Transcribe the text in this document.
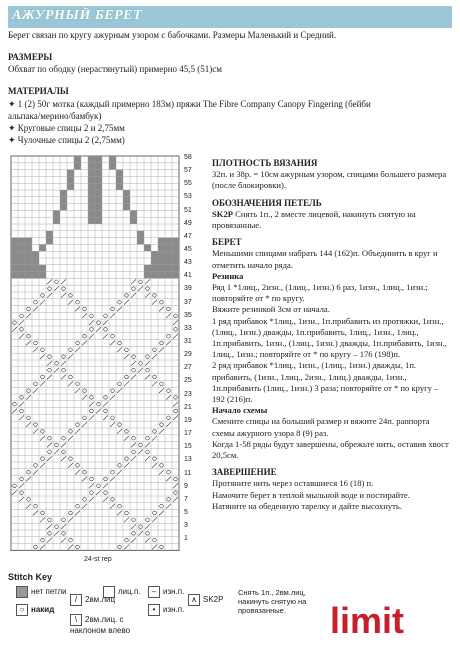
АЖУРНЫЙ БЕРЕТ
Берет связан по кругу ажурным узором с бабочками. Размеры Маленький и Средний.
РАЗМЕРЫ
Обхват по ободку (нерастянутый) примерно 45,5 (51)см
МАТЕРИАЛЫ
✦ 1 (2) 50г мотка (каждый примерно 183м) пряжи The Fibre Company Canopy Fingering (бейби
альпака/мерино/бамбук)
✦ Круговые спицы 2 и 2,75мм
✦ Чулочные спицы 2 (2,75мм)
58
57
55
53
51
49
47
45
43
41
39
37
35
33
31
29
27
25
23
21
19
17
15
13
11
9
7
5
3
1
24-st rep

ПЛОТНОСТЬ ВЯЗАНИЯ

32п. и 38р. = 10см ажурным узором, спицами большего размера (после блокировки).

ОБОЗНАЧЕНИЯ ПЕТЕЛЬ

SK2P Снять 1п., 2 вместе лицевой, накинуть снятую на провязанные.

БЕРЕТ

Меньшими спицами набрать 144 (162)п. Объединить в круг и отметить начало ряда.

Резинка

Ряд 1 *1лиц., 2изн., (1лиц., 1изн.) 6 раз, 1изн., 1лиц., 1изн.; повторяйте от * по кругу.

Вяжите резинкой 3см от начала.

1 ряд прибавок *1лиц., 1изн., 1п.прибавить из протяжки, 1изн., (1лиц., 1изн.) дважды, 1п.прибавить, 1лиц., 1изн., 1лиц., 1п.прибавить, 1изн., (1лиц., 1изн.) дважды, 1п.прибавить, 1изн., 1лиц., 1изн.; повторяйте от * по кругу – 176 (198)п.

2 ряд прибавок *1лиц., 1изн., (1лиц., 1изн.) дважды, 1п. прибавить, (1изн., 1лиц., 2изн., 1лиц.) дважды, 1изн., 1п.прибавить (1лиц., 1изн.) 3 раза; повторяйте от * по кругу – 192 (216)п.

Начало схемы

Смените спицы на больший размер и вяжите 24п. раппорта схемы ажурного узора 8 (9) раз.

Когда 1-58 ряды будут завершены, обрежьте нить, оставив хвост 20,5см.

ЗАВЕРШЕНИЕ

Протяните нить через оставшиеся 16 (18) п.

Намочите берет в теплой мыльной воде и постирайте.

Натяните на обеденную тарелку и дайте высохнуть.

Stitch Key
нет петли	лиц.п.
○ накид
/ 2вм.лиц
\ 2вм.лиц. с наклоном влево
• изн.п.
– изн.п.
∧ SK2P
Снять 1п., 2вм.лиц, накинуть снятую на провязанные.	limit
